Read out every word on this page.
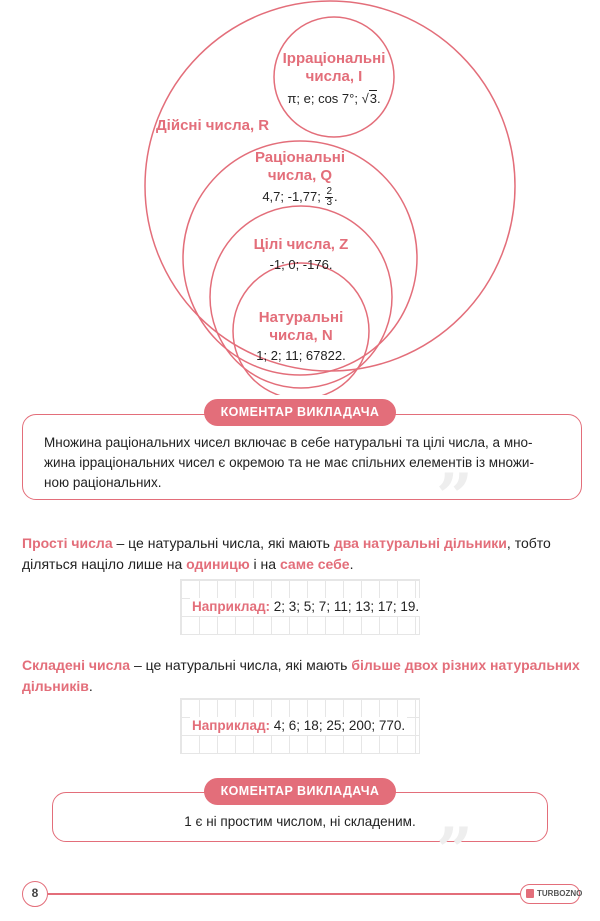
Ірраціональні
числа, I
π; e; cos 7°; √3.
Дійсні числа, R
Раціональні
числа, Q
4,7; -1,77; $\frac{2}{3}$ .
Цілі числа, Z
-1; 0; -176.
Натуральні
числа, N
1; 2; 11; 67822.
”
КОМЕНТАР ВИКЛАДАЧА
Множина раціональних чисел включає в себе натуральні та цілі числа, а мно-
жина ірраціональних чисел є окремою та не має спільних елементів із множи-
ною раціональних.
Прості числа – це натуральні числа, які мають два натуральні дільники, тобто
діляться націло лише на одиницю і на саме себе.
Наприклад: 2; 3; 5; 7; 11; 13; 17; 19.
Складені числа – це натуральні числа, які мають більше двох різних натуральних
дільників.
Наприклад: 4; 6; 18; 25; 200; 770.
”
КОМЕНТАР ВИКЛАДАЧА
1 є ні простим числом, ні складеним.
8	TURBOZNO
